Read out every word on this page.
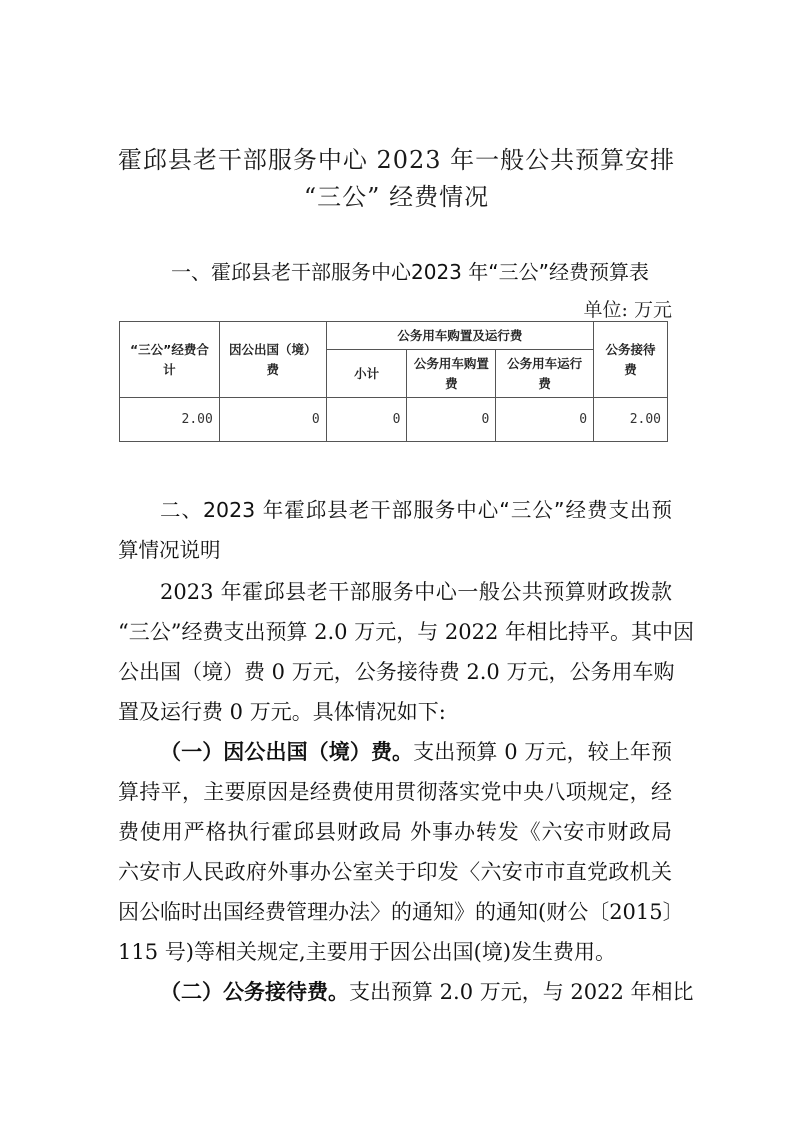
霍邱县老干部服务中心 2023 年一般公共预算安排
“三公” 经费情况
一、霍邱县老干部服务中心2023 年“三公”经费预算表
单位: 万元
“三公”经费合计	因公出国（境）费	公务用车购置及运行费			公务接待费
		小计	公务用车购置费	公务用车运行费	
2.00	0	0	0	0	2.00
二、2023 年霍邱县老干部服务中心“三公”经费支出预
算情况说明
2023 年霍邱县老干部服务中心一般公共预算财政拨款
“三公”经费支出预算 2.0 万元，与 2022 年相比持平。其中因
公出国（境）费 0 万元，公务接待费 2.0 万元，公务用车购
置及运行费 0 万元。具体情况如下:
（一）因公出国（境）费。支出预算 0 万元，较上年预
算持平，主要原因是经费使用贯彻落实党中央八项规定，经
费使用严格执行霍邱县财政局 外事办转发《六安市财政局
六安市人民政府外事办公室关于印发〈六安市市直党政机关
因公临时出国经费管理办法〉的通知》的通知(财公〔2015〕
115 号)等相关规定,主要用于因公出国(境)发生费用。
（二）公务接待费。支出预算 2.0 万元，与 2022 年相比
